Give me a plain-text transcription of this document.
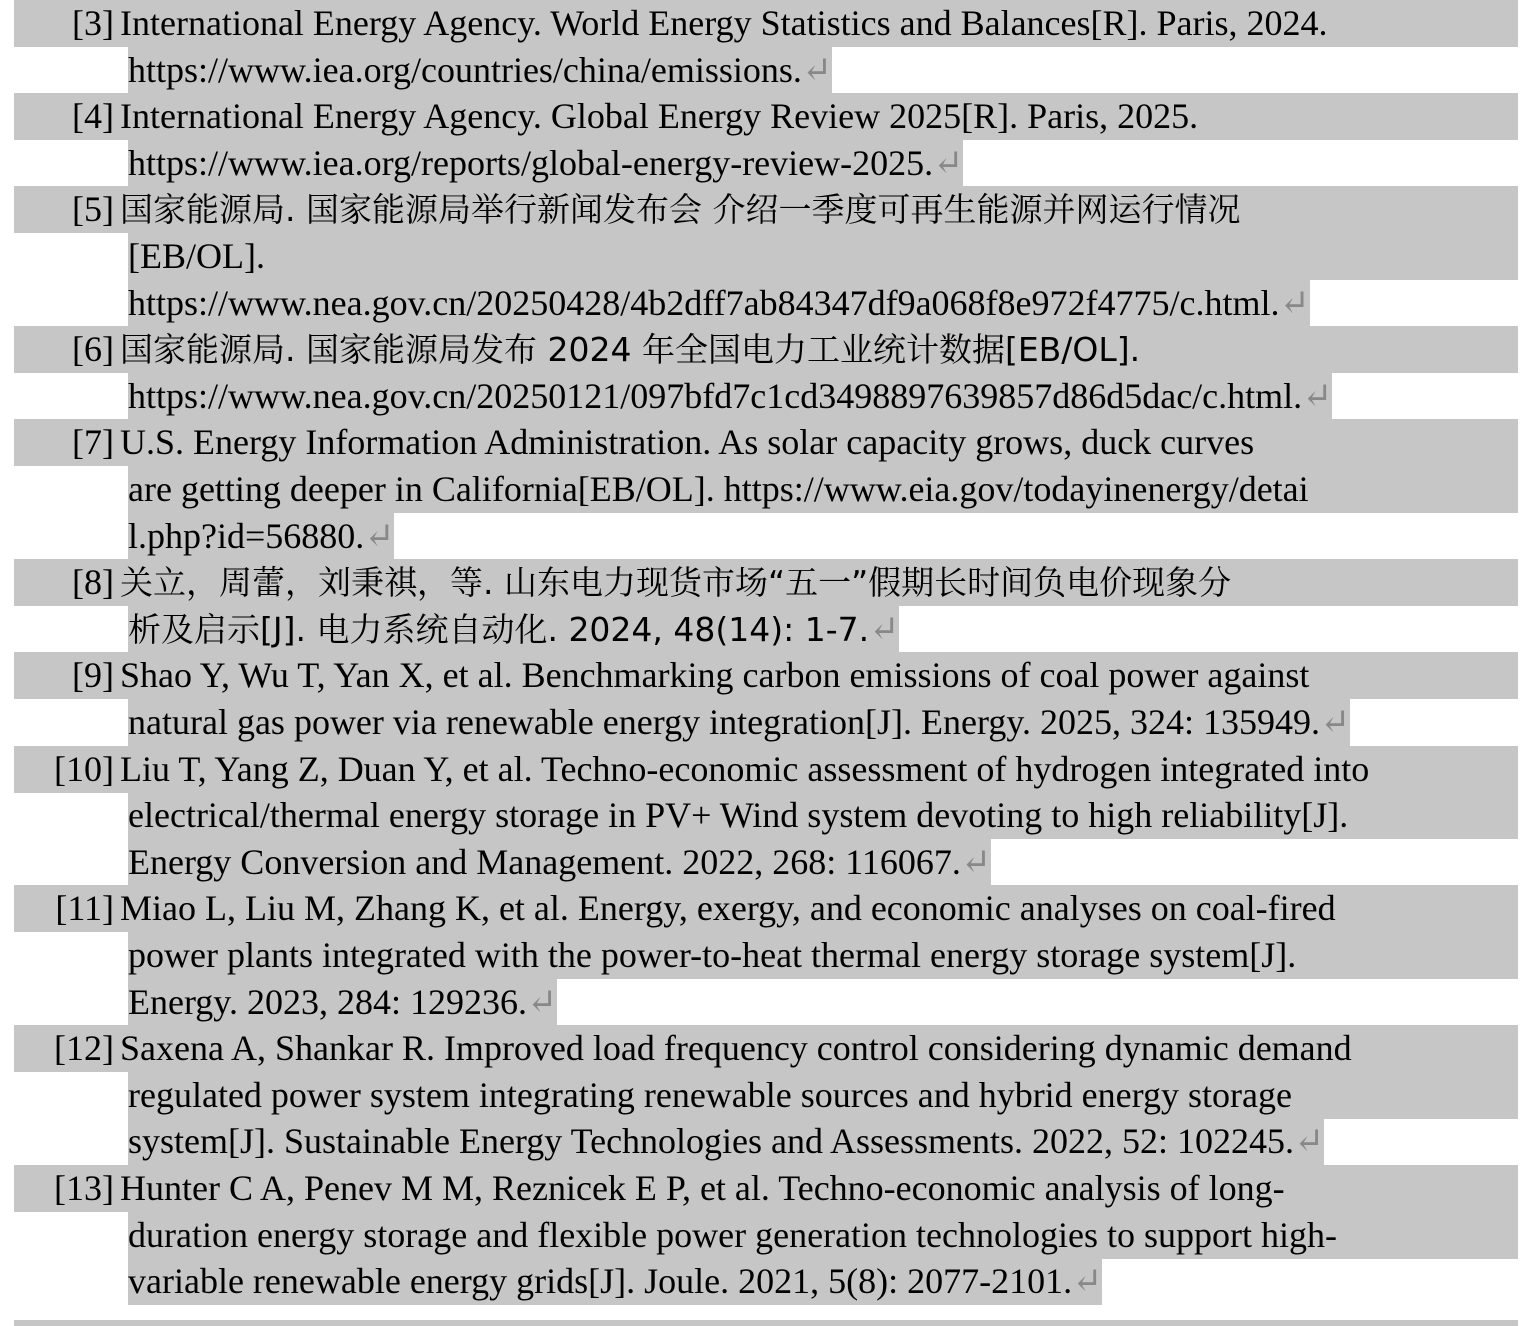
[3] International Energy Agency. World Energy Statistics and Balances[R]. Paris, 2024.
https://www.iea.org/countries/china/emissions.↵
[4] International Energy Agency. Global Energy Review 2025[R]. Paris, 2025.
https://www.iea.org/reports/global-energy-review-2025.↵
[5] 国家能源局. 国家能源局举行新闻发布会 介绍一季度可再生能源并网运行情况
[EB/OL].
https://www.nea.gov.cn/20250428/4b2dff7ab84347df9a068f8e972f4775/c.html.↵
[6] 国家能源局. 国家能源局发布 2024 年全国电力工业统计数据[EB/OL].
https://www.nea.gov.cn/20250121/097bfd7c1cd3498897639857d86d5dac/c.html.↵
[7] U.S. Energy Information Administration. As solar capacity grows, duck curves
are getting deeper in California[EB/OL]. https://www.eia.gov/todayinenergy/detai
l.php?id=56880.↵
[8] 关立，周蕾，刘秉祺，等. 山东电力现货市场“五一”假期长时间负电价现象分
析及启示[J]. 电力系统自动化. 2024, 48(14): 1-7.↵
[9] Shao Y, Wu T, Yan X, et al. Benchmarking carbon emissions of coal power against
natural gas power via renewable energy integration[J]. Energy. 2025, 324: 135949.↵
[10] Liu T, Yang Z, Duan Y, et al. Techno-economic assessment of hydrogen integrated into
electrical/thermal energy storage in PV+ Wind system devoting to high reliability[J].
Energy Conversion and Management. 2022, 268: 116067.↵
[11] Miao L, Liu M, Zhang K, et al. Energy, exergy, and economic analyses on coal-fired
power plants integrated with the power-to-heat thermal energy storage system[J].
Energy. 2023, 284: 129236.↵
[12] Saxena A, Shankar R. Improved load frequency control considering dynamic demand
regulated power system integrating renewable sources and hybrid energy storage
system[J]. Sustainable Energy Technologies and Assessments. 2022, 52: 102245.↵
[13] Hunter C A, Penev M M, Reznicek E P, et al. Techno-economic analysis of long-
duration energy storage and flexible power generation technologies to support high-
variable renewable energy grids[J]. Joule. 2021, 5(8): 2077-2101.↵
